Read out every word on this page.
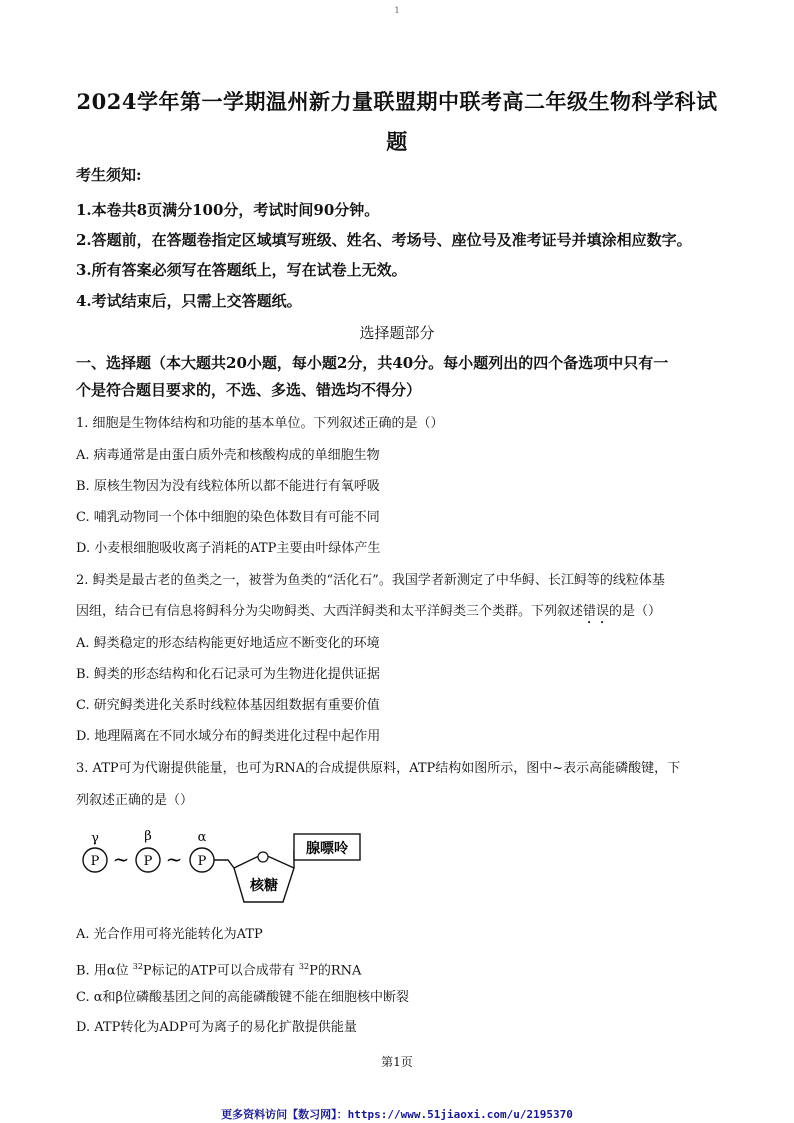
1
2024学年第一学期温州新力量联盟期中联考高二年级生物科学科试
题
考生须知:
1.本卷共8页满分100分，考试时间90分钟。
2.答题前，在答题卷指定区域填写班级、姓名、考场号、座位号及准考证号并填涂相应数字。
3.所有答案必须写在答题纸上，写在试卷上无效。
4.考试结束后，只需上交答题纸。
选择题部分
一、选择题（本大题共20小题，每小题2分，共40分。每小题列出的四个备选项中只有一
个是符合题目要求的，不选、多选、错选均不得分）
1. 细胞是生物体结构和功能的基本单位。下列叙述正确的是（）
A. 病毒通常是由蛋白质外壳和核酸构成的单细胞生物
B. 原核生物因为没有线粒体所以都不能进行有氧呼吸
C. 哺乳动物同一个体中细胞的染色体数目有可能不同
D. 小麦根细胞吸收离子消耗的ATP主要由叶绿体产生
2. 鲟类是最古老的鱼类之一，被誉为鱼类的“活化石”。我国学者新测定了中华鲟、长江鲟等的线粒体基
因组，结合已有信息将鲟科分为尖吻鲟类、大西洋鲟类和太平洋鲟类三个类群。下列叙述错误的是（）
A. 鲟类稳定的形态结构能更好地适应不断变化的环境
B. 鲟类的形态结构和化石记录可为生物进化提供证据
C. 研究鲟类进化关系时线粒体基因组数据有重要价值
D. 地理隔离在不同水域分布的鲟类进化过程中起作用
3. ATP可为代谢提供能量，也可为RNA的合成提供原料，ATP结构如图所示，图中~表示高能磷酸键，下
列叙述正确的是（）
γ	β	α
P ~ P ~ P
核糖
腺嘌呤
A. 光合作用可将光能转化为ATP
B. 用α位 $^{32}$P标记的ATP可以合成带有 $^{32}$P的RNA
C. α和β位磷酸基团之间的高能磷酸键不能在细胞核中断裂
D. ATP转化为ADP可为离子的易化扩散提供能量
第1页
更多资料访问【数习网】：https://www.51jiaoxi.com/u/2195370
